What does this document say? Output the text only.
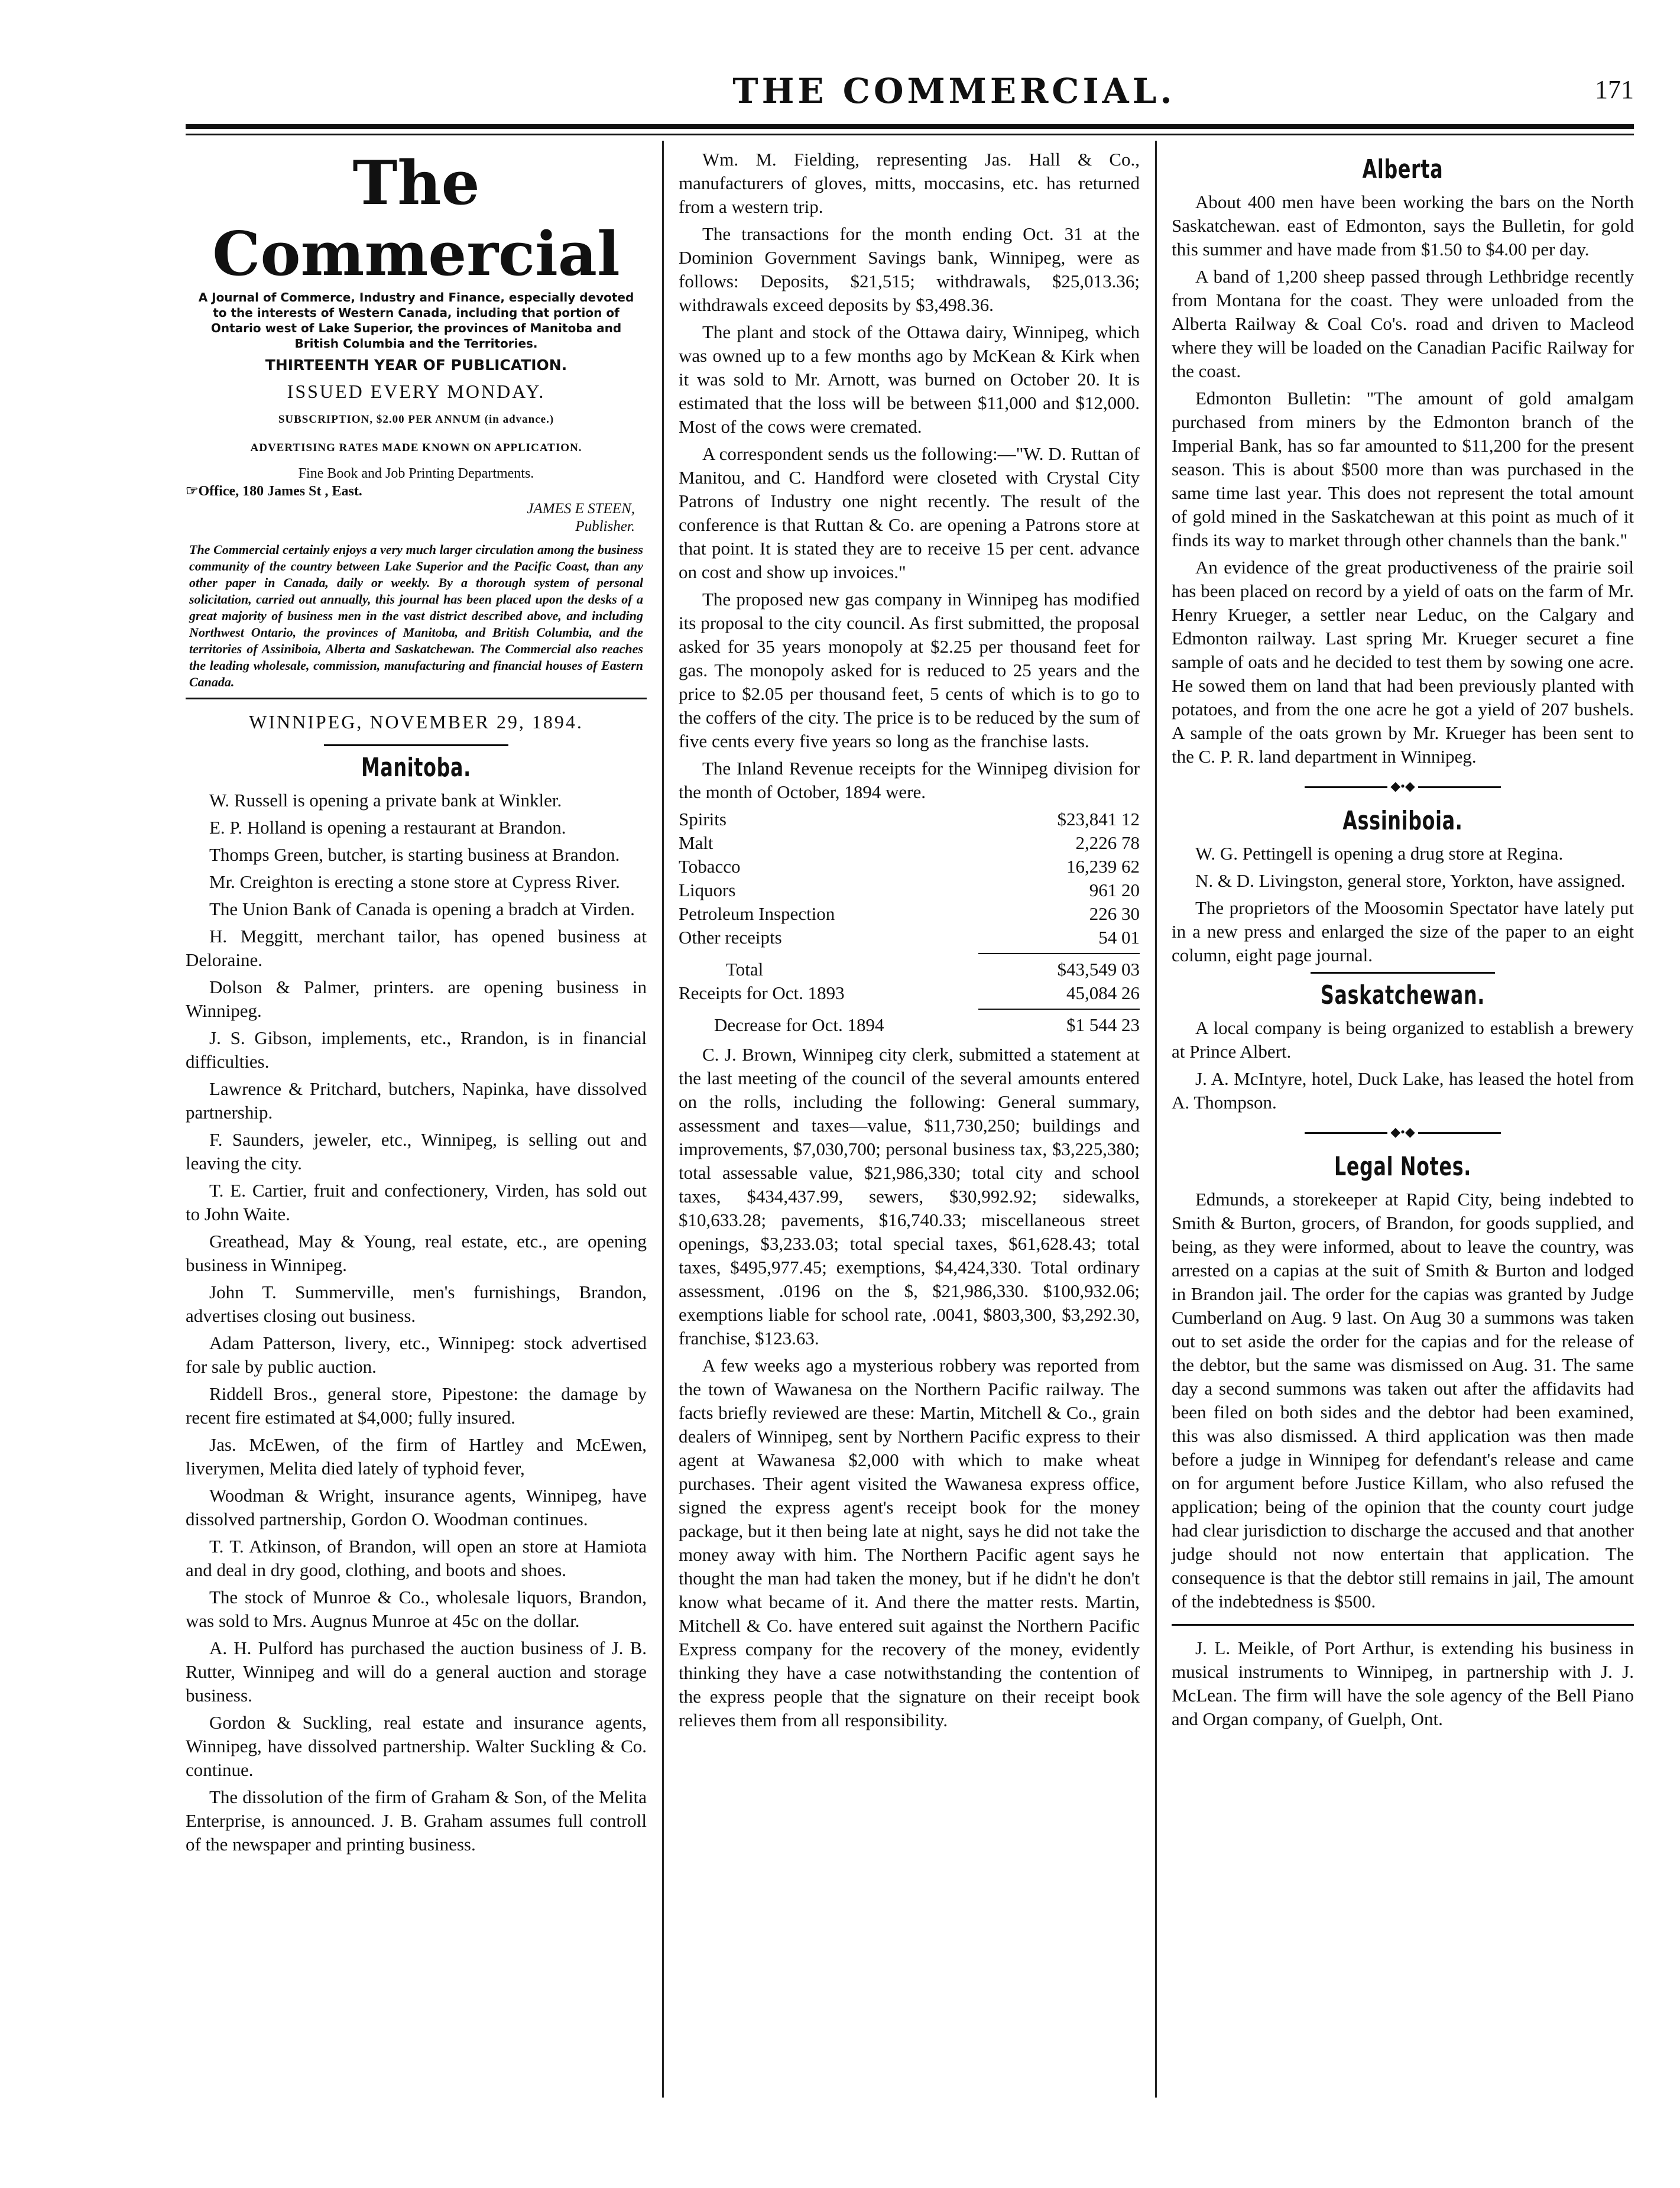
THE COMMERCIAL.	171
The Commercial
A Journal of Commerce, Industry and Finance, especially devoted to the interests of Western Canada, including that portion of Ontario west of Lake Superior, the provinces of Manitoba and British Columbia and the Territories.
THIRTEENTH YEAR OF PUBLICATION.
ISSUED EVERY MONDAY.
SUBSCRIPTION, $2.00 PER ANNUM (in advance.)
ADVERTISING RATES MADE KNOWN ON APPLICATION.
Fine Book and Job Printing Departments.
☞Office, 180 James St , East.
JAMES E STEEN,
Publisher.
The Commercial certainly enjoys a very much larger circulation among the business community of the country between Lake Superior and the Pacific Coast, than any other paper in Canada, daily or weekly. By a thorough system of personal solicitation, carried out annually, this journal has been placed upon the desks of a great majority of business men in the vast district described above, and including Northwest Ontario, the provinces of Manitoba, and British Columbia, and the territories of Assiniboia, Alberta and Saskatchewan. The Commercial also reaches the leading wholesale, commission, manufacturing and financial houses of Eastern Canada.
WINNIPEG, NOVEMBER 29, 1894.
Manitoba.

W. Russell is opening a private bank at Winkler.

E. P. Holland is opening a restaurant at Brandon.

Thomps Green, butcher, is starting business at Brandon.

Mr. Creighton is erecting a stone store at Cypress River.

The Union Bank of Canada is opening a bradch at Virden.

H. Meggitt, merchant tailor, has opened business at Deloraine.

Dolson & Palmer, printers. are opening business in Winnipeg.

J. S. Gibson, implements, etc., Rrandon, is in financial difficulties.

Lawrence & Pritchard, butchers, Napinka, have dissolved partnership.

F. Saunders, jeweler, etc., Winnipeg, is selling out and leaving the city.

T. E. Cartier, fruit and confectionery, Virden, has sold out to John Waite.

Greathead, May & Young, real estate, etc., are opening business in Winnipeg.

John T. Summerville, men's furnishings, Brandon, advertises closing out business.

Adam Patterson, livery, etc., Winnipeg: stock advertised for sale by public auction.

Riddell Bros., general store, Pipestone: the damage by recent fire estimated at $4,000; fully insured.

Jas. McEwen, of the firm of Hartley and McEwen, liverymen, Melita died lately of typhoid fever,

Woodman & Wright, insurance agents, Winnipeg, have dissolved partnership, Gordon O. Woodman continues.

T. T. Atkinson, of Brandon, will open an store at Hamiota and deal in dry good, clothing, and boots and shoes.

The stock of Munroe & Co., wholesale liquors, Brandon, was sold to Mrs. Augnus Munroe at 45c on the dollar.

A. H. Pulford has purchased the auction business of J. B. Rutter, Winnipeg and will do a general auction and storage business.

Gordon & Suckling, real estate and insurance agents, Winnipeg, have dissolved partnership. Walter Suckling & Co. continue.

The dissolution of the firm of Graham & Son, of the Melita Enterprise, is announced. J. B. Graham assumes full controll of the newspaper and printing business.

Wm. M. Fielding, representing Jas. Hall & Co., manufacturers of gloves, mitts, moccasins, etc. has returned from a western trip.

The transactions for the month ending Oct. 31 at the Dominion Government Savings bank, Winnipeg, were as follows: Deposits, $21,515; withdrawals, $25,013.36; withdrawals exceed deposits by $3,498.36.

The plant and stock of the Ottawa dairy, Winnipeg, which was owned up to a few months ago by McKean & Kirk when it was sold to Mr. Arnott, was burned on October 20. It is estimated that the loss will be between $11,000 and $12,000. Most of the cows were cremated.

A correspondent sends us the following:—"W. D. Ruttan of Manitou, and C. Handford were closeted with Crystal City Patrons of Industry one night recently. The result of the conference is that Ruttan & Co. are opening a Patrons store at that point. It is stated they are to receive 15 per cent. advance on cost and show up invoices."

The proposed new gas company in Winnipeg has modified its proposal to the city council. As first submitted, the proposal asked for 35 years monopoly at $2.25 per thousand feet for gas. The monopoly asked for is reduced to 25 years and the price to $2.05 per thousand feet, 5 cents of which is to go to the coffers of the city. The price is to be reduced by the sum of five cents every five years so long as the franchise lasts.

The Inland Revenue receipts for the Winnipeg division for the month of October, 1894 were.

Spirits	$23,841 12
Malt	2,226 78
Tobacco	16,239 62
Liquors	961 20
Petroleum Inspection	226 30
Other receipts	54 01
Total	$43,549 03
Receipts for Oct. 1893	45,084 26
Decrease for Oct. 1894	$1 544 23

C. J. Brown, Winnipeg city clerk, submitted a statement at the last meeting of the council of the several amounts entered on the rolls, including the following: General summary, assessment and taxes—value, $11,730,250; buildings and improvements, $7,030,700; personal business tax, $3,225,380; total assessable value, $21,986,330; total city and school taxes, $434,437.99, sewers, $30,992.92; sidewalks, $10,633.28; pavements, $16,740.33; miscellaneous street openings, $3,233.03; total special taxes, $61,628.43; total taxes, $495,977.45; exemptions, $4,424,330. Total ordinary assessment, .0196 on the $, $21,986,330. $100,932.06; exemptions liable for school rate, .0041, $803,300, $3,292.30, franchise, $123.63.

A few weeks ago a mysterious robbery was reported from the town of Wawanesa on the Northern Pacific railway. The facts briefly reviewed are these: Martin, Mitchell & Co., grain dealers of Winnipeg, sent by Northern Pacific express to their agent at Wawanesa $2,000 with which to make wheat purchases. Their agent visited the Wawanesa express office, signed the express agent's receipt book for the money package, but it then being late at night, says he did not take the money away with him. The Northern Pacific agent says he thought the man had taken the money, but if he didn't he don't know what became of it. And there the matter rests. Martin, Mitchell & Co. have entered suit against the Northern Pacific Express company for the recovery of the money, evidently thinking they have a case notwithstanding the contention of the express people that the signature on their receipt book relieves them from all responsibility.

Alberta

About 400 men have been working the bars on the North Saskatchewan. east of Edmonton, says the Bulletin, for gold this summer and have made from $1.50 to $4.00 per day.

A band of 1,200 sheep passed through Lethbridge recently from Montana for the coast. They were unloaded from the Alberta Railway & Coal Co's. road and driven to Macleod where they will be loaded on the Canadian Pacific Railway for the coast.

Edmonton Bulletin: "The amount of gold amalgam purchased from miners by the Edmonton branch of the Imperial Bank, has so far amounted to $11,200 for the present season. This is about $500 more than was purchased in the same time last year. This does not represent the total amount of gold mined in the Saskatchewan at this point as much of it finds its way to market through other channels than the bank."

An evidence of the great productiveness of the prairie soil has been placed on record by a yield of oats on the farm of Mr. Henry Krueger, a settler near Leduc, on the Calgary and Edmonton railway. Last spring Mr. Krueger securet a fine sample of oats and he decided to test them by sowing one acre. He sowed them on land that had been previously planted with potatoes, and from the one acre he got a yield of 207 bushels. A sample of the oats grown by Mr. Krueger has been sent to the C. P. R. land department in Winnipeg.

◆•◆
Assiniboia.

W. G. Pettingell is opening a drug store at Regina.

N. & D. Livingston, general store, Yorkton, have assigned.

The proprietors of the Moosomin Spectator have lately put in a new press and enlarged the size of the paper to an eight column, eight page journal.

Saskatchewan.

A local company is being organized to establish a brewery at Prince Albert.

J. A. McIntyre, hotel, Duck Lake, has leased the hotel from A. Thompson.

◆•◆
Legal Notes.

Edmunds, a storekeeper at Rapid City, being indebted to Smith & Burton, grocers, of Brandon, for goods supplied, and being, as they were informed, about to leave the country, was arrested on a capias at the suit of Smith & Burton and lodged in Brandon jail. The order for the capias was granted by Judge Cumberland on Aug. 9 last. On Aug 30 a summons was taken out to set aside the order for the capias and for the release of the debtor, but the same was dismissed on Aug. 31. The same day a second summons was taken out after the affidavits had been filed on both sides and the debtor had been examined, this was also dismissed. A third application was then made before a judge in Winnipeg for defendant's release and came on for argument before Justice Killam, who also refused the application; being of the opinion that the county court judge had clear jurisdiction to discharge the accused and that another judge should not now entertain that application. The consequence is that the debtor still remains in jail, The amount of the indebtedness is $500.

J. L. Meikle, of Port Arthur, is extending his business in musical instruments to Winnipeg, in partnership with J. J. McLean. The firm will have the sole agency of the Bell Piano and Organ company, of Guelph, Ont.
